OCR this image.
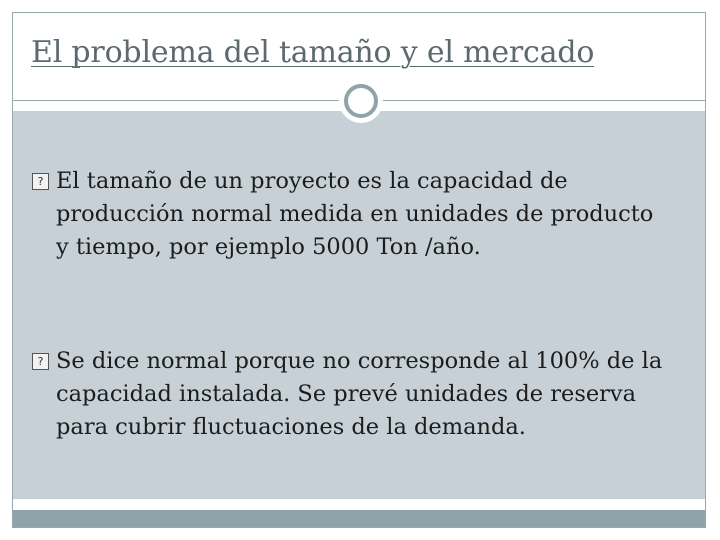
El problema del tamaño y el mercado
? El tamaño de un proyecto es la capacidad de
producción normal medida en unidades de producto
y tiempo, por ejemplo 5000 Ton /año.
? Se dice normal porque no corresponde al 100% de la
capacidad instalada. Se prevé unidades de reserva
para cubrir fluctuaciones de la demanda.
